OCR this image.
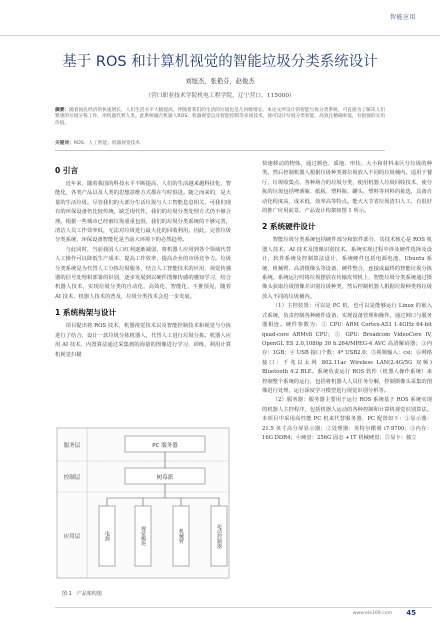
智能应用
基于 ROS 和计算机视觉的智能垃圾分类系统设计
刘旭杰，张艳芬，赵俊杰
（营口职业技术学院机电工程学院，辽宁营口，115000）
摘要：随着国民经济的快速增长，人们生活水平大幅提高，伴随着我们的生活的垃圾也是几何级增长。本论文所设计的智能垃圾分类系统，可直接为了解决人们繁重的垃圾分拣工作，用机器代替人类。此系统融合机器人ROS、机器视觉以及智能控制等多项技术，使可设计垃圾分类智能、高效且精确率低，有很强的实用价值。
关键词：ROS；人工智能；机器视觉技术
0 引言

近年来，随着我国的科技水平不断提高，人们的生活越来越科技化、智能化，各类产品以及人类的思想意维方式都在与时俱进。随之而来的，是大量的生活垃圾。尽管我们的大部分生活垃圾与人工智能息息相关，可我们现有的环保设备仍比较传统，缺乏现代性，我们的垃圾分类处理方式仍不够合理。根据一些城市已经被垃圾重重包围，我们的垃圾分类系统的不够完善，清洁人员工作效率低，无法对垃圾进行最大化的回收利用。因此，完善垃圾分类系统，环保设备智能化是当前大环境下的必然趋势。

与此同时，当前我国人口红利逐渐减弱，将机器人应用到各个领域代替人工操作可以降低生产成本、提高工作效率、提高企业的市场竞争力。垃圾分类系统是为代替人工分拣垃圾服务，结合人工智能技术的应用，视觉传感器的信号处理和部署的识别，逐步发展到以硬件图像传感的感知学习，结合机器人技术，实现垃圾分类的自动化、高效化、智能化、不推预见，随着 AI 技术、机器人技术的普及，垃圾分类技术会进一步发展。

1 系统构架与设计

项目提出将 ROS 技术、机器视觉技术以及智能控制技术和视觉与分拣进行了结合，设计一款垃圾分拣机器人，代替人工进行垃圾分拣。机器人应用 AI 技术，内置算法通过采集到的海量的图像进行学习、训练，利用计算机视觉扫描

服务层
控制层
应用层
PC 服务器
树莓派
电源	视觉模块	机械臂	运动控制器
图 1　产品架构图

快速移动的物体，通过颜色、质地、形状、大小和材料来区分垃圾的种类。然后控制机器人根据垃圾种类将垃圾放入不同的垃圾桶内。适用于餐厅、垃圾收集点、各种场合的垃圾分类，使用机器人垃圾回收技术，使分拣的垃圾包括啤酒瓶、纸板、塑料瓶、罐头、塑料等材料的拣选，具备自动化程度高，成本低，效率高等特点。能大大节省垃圾清扫人工，有很好的推广应用前景。产品设计构架如图 1 所示。

2 系统硬件设计

智能垃圾分类系统包括硬件部分和软件部分，其技术核心是 ROS 机器人技术、AI 技术及图像识别技术。系统实现过程中涉及硬件选择及设计，软件系统及控制算法设计，系统硬件包括电源电池、Ubuntu 系统、机械臂、高清摄像头等设备，硬件整合，连接成最终的智能垃圾分拣系统。系统运行时将垃圾摆放在传输皮带机上，智能垃圾分类系统通过摄像头获取垃圾图像并识别垃圾种类，然后控制机器人根据垃圾种类将垃圾放入不同的垃圾桶内。

（1）主控装置：可以是 PC 机，也可以是能够运行 Linux 的嵌入式系统，负责控制各种硬件设备，实现设备管理和操作。通过网口与服务器相连。硬件参数为：① CPU: ARM Cortex-A53 1.4GHz 64-bit quad-core ARMv8 CPU；② GPU: Broadcom VideoCore IV, OpenGL ES 2.0,1080p 30 h.264/MPEG-4 AVC 高清解码器；③内存：1GB；④ USB 接口个数：4* USB2.0；⑤视频输入：csi；⑥网络接口：千兆以太网 802.11ac Wireless LAN(2.4G/5G 双频) Bluetooth 4.2 BLE。系统负责运行 ROS 软件（机器人操作系统）来控制整个系统的运行，包括将机器人人员任务分解，控制摄像头采集的图像进行处理，运行深度学习模型进行视觉识别分析等。

（2）服务器：服务器主要用于运行 ROS 系统基于 ROS 系统实现的机器人主控程序，包括机器人运动的各种控制和计算机视觉识别算法。本项目中采用高性能 PC 机来代替服务器，PC 配置如下：①显示器：21.5 英寸高分屏显示器；②处理器：英特尔酷睿 i7-9700；③内存：16G DDR4；④硬盘：256G 固态 +1T 机械硬盘；⑤显卡：独立

www.ele169.com 45
